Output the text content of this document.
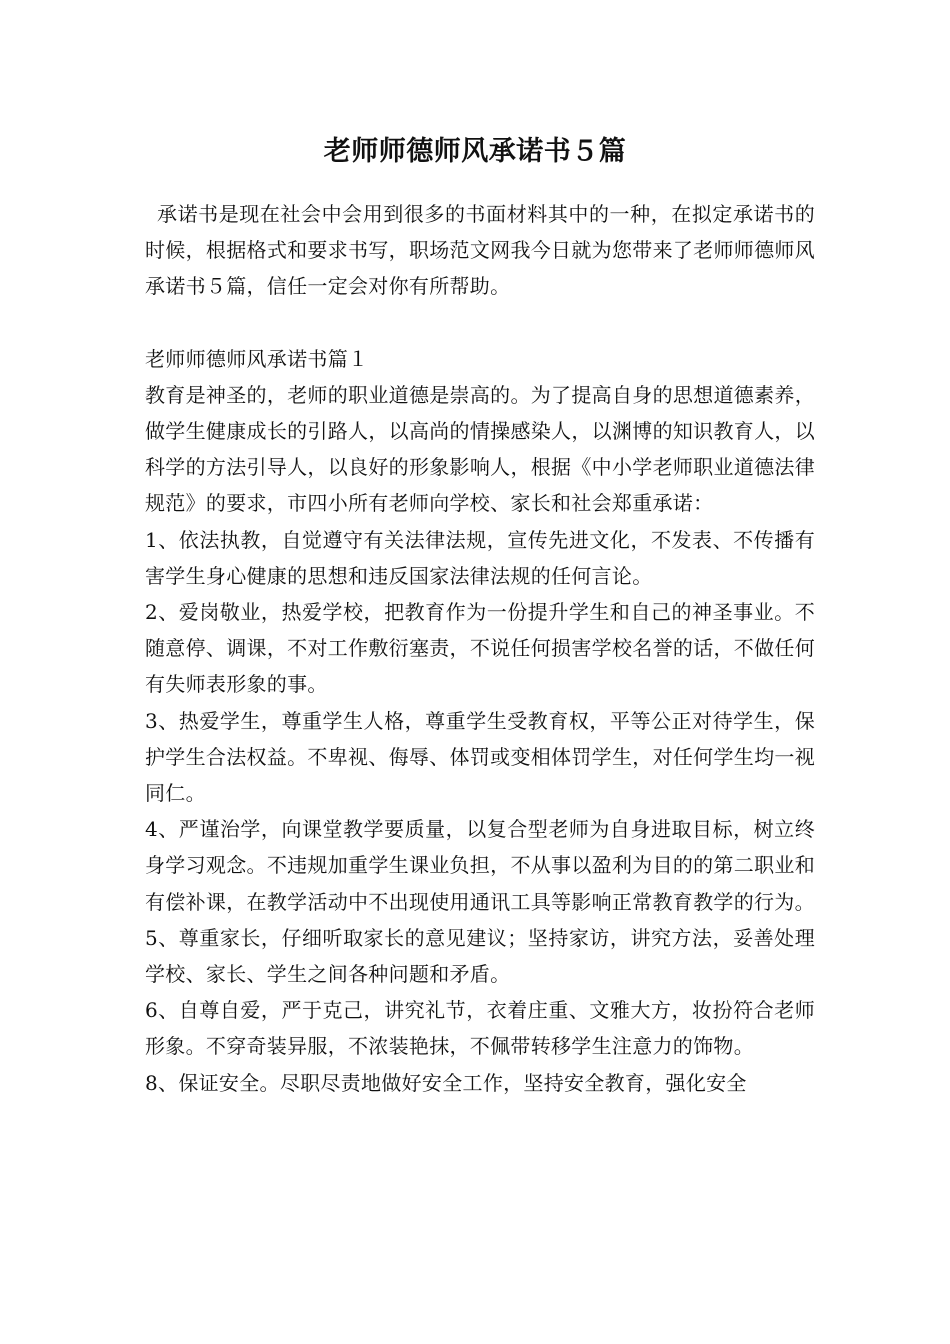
老师师德师风承诺书５篇

承诺书是现在社会中会用到很多的书面材料其中的一种，在拟定承诺书的时候，根据格式和要求书写，职场范文网我今日就为您带来了老师师德师风承诺书５篇，信任一定会对你有所帮助。

老师师德师风承诺书篇１

教育是神圣的，老师的职业道德是崇高的。为了提高自身的思想道德素养，做学生健康成长的引路人，以高尚的情操感染人，以渊博的知识教育人，以科学的方法引导人，以良好的形象影响人，根据《中小学老师职业道德法律规范》的要求，市四小所有老师向学校、家长和社会郑重承诺：

1、依法执教，自觉遵守有关法律法规，宣传先进文化，不发表、不传播有害学生身心健康的思想和违反国家法律法规的任何言论。

2、爱岗敬业，热爱学校，把教育作为一份提升学生和自己的神圣事业。不随意停、调课，不对工作敷衍塞责，不说任何损害学校名誉的话，不做任何有失师表形象的事。

3、热爱学生，尊重学生人格，尊重学生受教育权，平等公正对待学生，保护学生合法权益。不卑视、侮辱、体罚或变相体罚学生，对任何学生均一视同仁。

4、严谨治学，向课堂教学要质量，以复合型老师为自身进取目标，树立终身学习观念。不违规加重学生课业负担，不从事以盈利为目的的第二职业和有偿补课，在教学活动中不出现使用通讯工具等影响正常教育教学的行为。

5、尊重家长，仔细听取家长的意见建议；坚持家访，讲究方法，妥善处理学校、家长、学生之间各种问题和矛盾。

6、自尊自爱，严于克己，讲究礼节，衣着庄重、文雅大方，妆扮符合老师形象。不穿奇装异服，不浓装艳抹，不佩带转移学生注意力的饰物。

8、保证安全。尽职尽责地做好安全工作，坚持安全教育，强化安全
